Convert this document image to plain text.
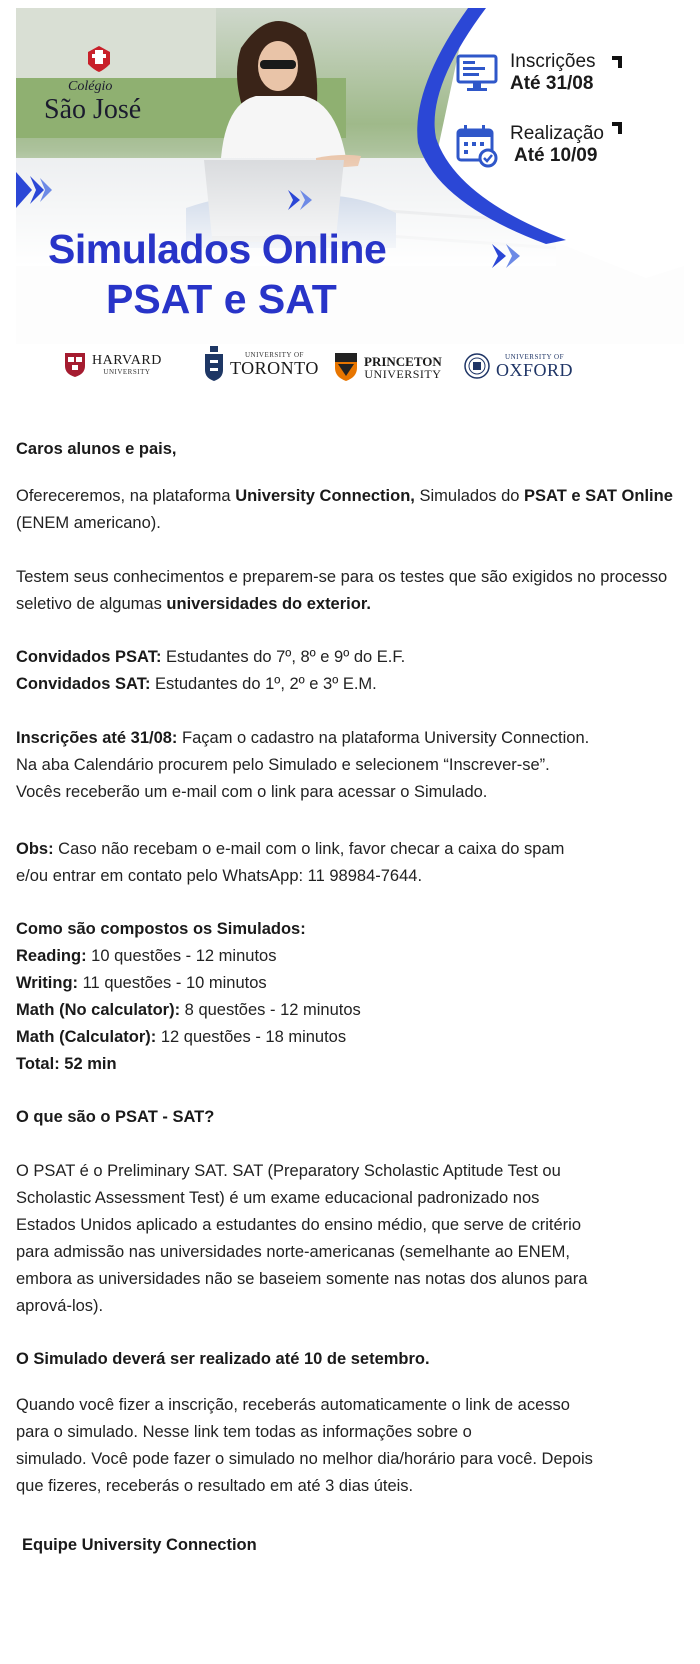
Colégio
São José
Inscrições
Até 31/08
Realização
Até 10/09
Simulados Online
PSAT e SAT
HARVARD
UNIVERSITY
UNIVERSITY OF
TORONTO	PRINCETON
UNIVERSITY
UNIVERSITY OF
OXFORD
Caros alunos e pais,
Ofereceremos, na plataforma University Connection, Simulados do PSAT e SAT Online (ENEM americano).
Testem seus conhecimentos e preparem-se para os testes que são exigidos no processo seletivo de algumas universidades do exterior.
Convidados PSAT: Estudantes do 7º, 8º e 9º do E.F.
Convidados SAT: Estudantes do 1º, 2º e 3º E.M.
Inscrições até 31/08: Façam o cadastro na plataforma University Connection.
Na aba Calendário procurem pelo Simulado e selecionem “Inscrever-se”.
Vocês receberão um e-mail com o link para acessar o Simulado.
Obs: Caso não recebam o e-mail com o link, favor checar a caixa do spam
e/ou entrar em contato pelo WhatsApp: 11 98984-7644.
Como são compostos os Simulados:
Reading: 10 questões - 12 minutos
Writing: 11 questões - 10 minutos
Math (No calculator): 8 questões - 12 minutos
Math (Calculator): 12 questões - 18 minutos
Total: 52 min
O que são o PSAT - SAT?
O PSAT é o Preliminary SAT. SAT (Preparatory Scholastic Aptitude Test ou
Scholastic Assessment Test) é um exame educacional padronizado nos
Estados Unidos aplicado a estudantes do ensino médio, que serve de critério
para admissão nas universidades norte-americanas (semelhante ao ENEM,
embora as universidades não se baseiem somente nas notas dos alunos para
aprová-los).
O Simulado deverá ser realizado até 10 de setembro.
Quando você fizer a inscrição, receberás automaticamente o link de acesso
para o simulado. Nesse link tem todas as informações sobre o
simulado. Você pode fazer o simulado no melhor dia/horário para você. Depois
que fizeres, receberás o resultado em até 3 dias úteis.
Equipe University Connection
